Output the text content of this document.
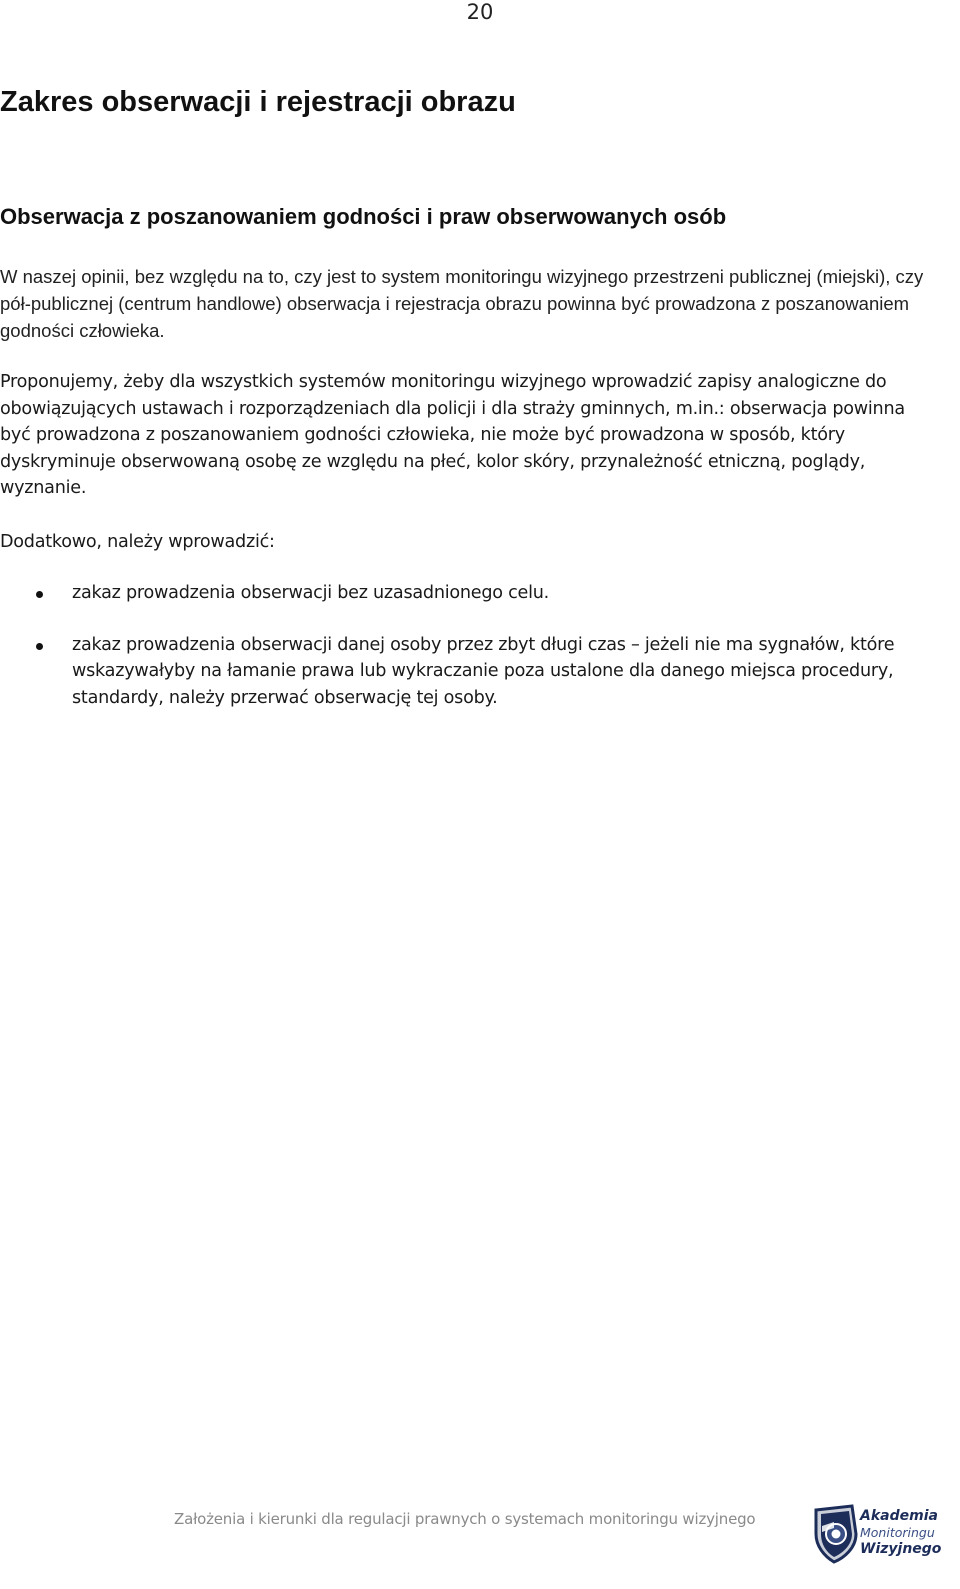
20
Zakres obserwacji i rejestracji obrazu
Obserwacja z poszanowaniem godności i praw obserwowanych osób

W naszej opinii, bez względu na to, czy jest to system monitoringu wizyjnego przestrzeni publicznej (miejski), czy pół-publicznej (centrum handlowe) obserwacja i rejestracja obrazu powinna być prowadzona z poszanowaniem godności człowieka.

Proponujemy, żeby dla wszystkich systemów monitoringu wizyjnego wprowadzić zapisy analogiczne do obowiązujących ustawach i rozporządzeniach dla policji i dla straży gminnych, m.in.: obserwacja powinna być prowadzona z poszanowaniem godności człowieka, nie może być prowadzona w sposób, który dyskryminuje obserwowaną osobę ze względu na płeć, kolor skóry, przynależność etniczną, poglądy, wyznanie.

Dodatkowo, należy wprowadzić:

zakaz prowadzenia obserwacji bez uzasadnionego celu.
zakaz prowadzenia obserwacji danej osoby przez zbyt długi czas – jeżeli nie ma sygnałów, które wskazywałyby na łamanie prawa lub wykraczanie poza ustalone dla danego miejsca procedury, standardy, należy przerwać obserwację tej osoby.
Założenia i kierunki dla regulacji prawnych o systemach monitoringu wizyjnego	Akademia
Monitoringu
Wizyjnego
